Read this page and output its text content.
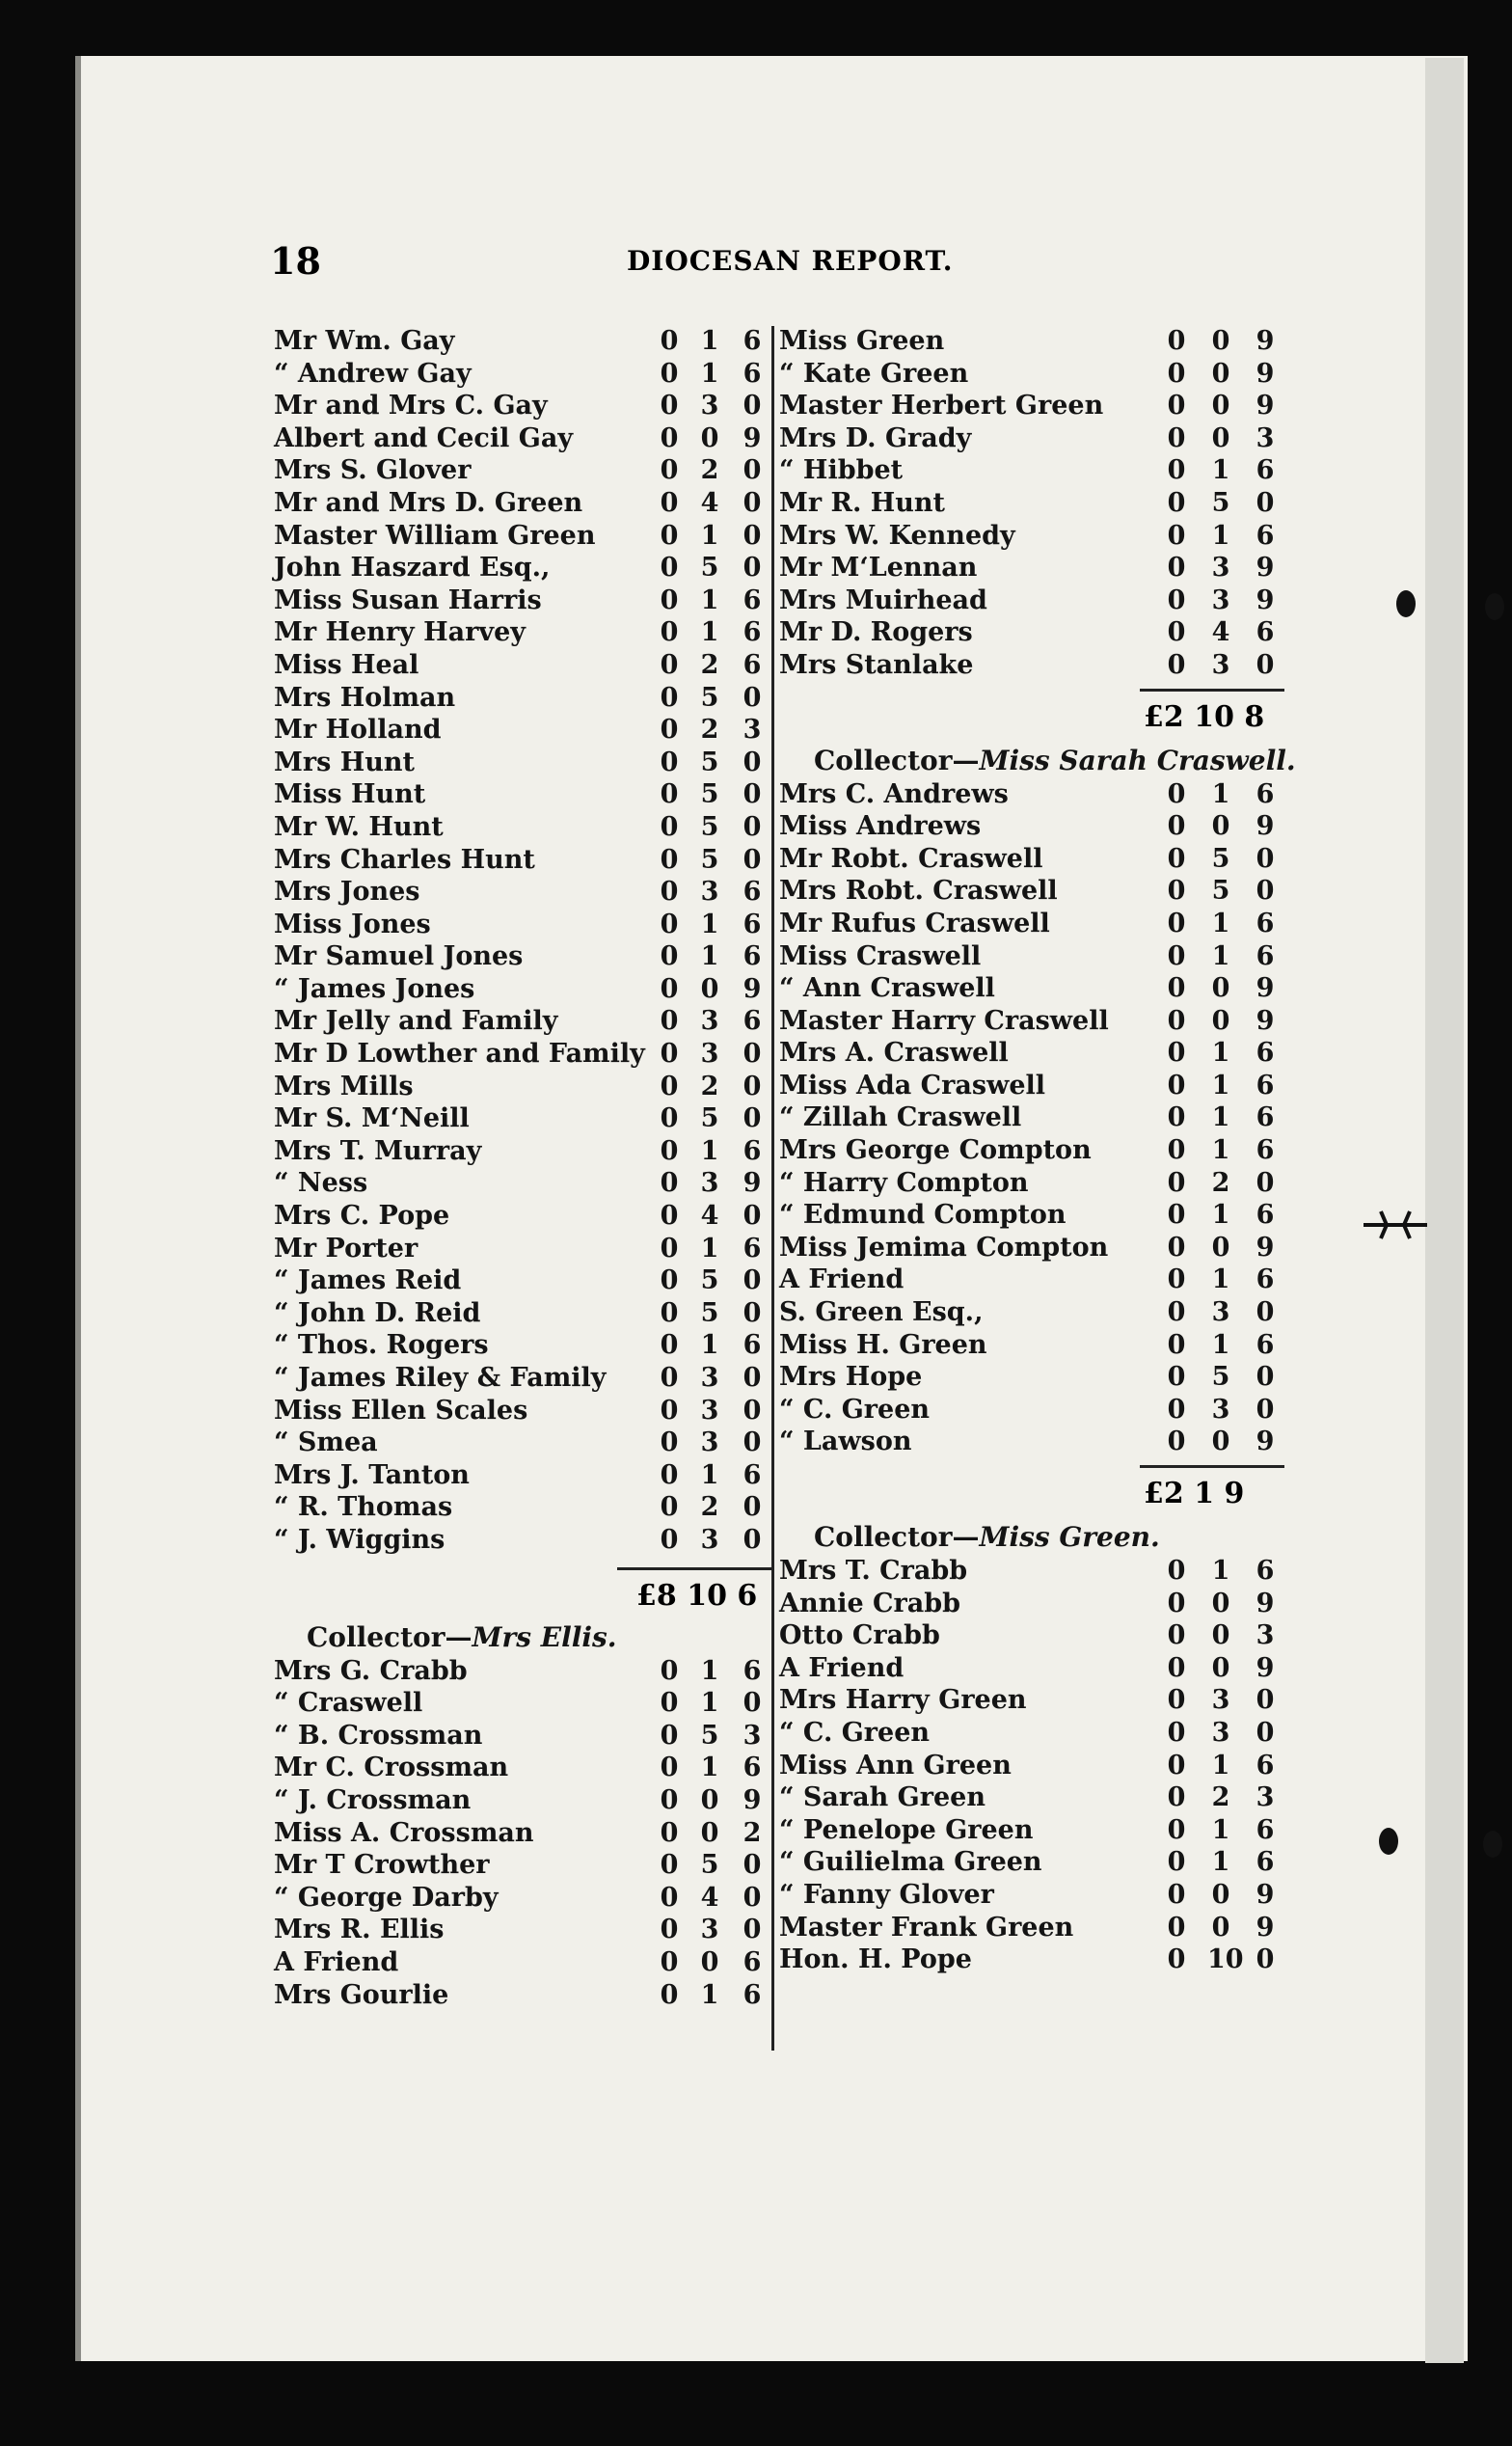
18	DIOCESAN REPORT.
Mr Wm. Gay	0 1 6
“ Andrew Gay	0 1 6
Mr and Mrs C. Gay	0 3 0
Albert and Cecil Gay	0 0 9
Mrs S. Glover	0 2 0
Mr and Mrs D. Green	0 4 0
Master William Green 0 1 0
John Haszard Esq.,	0 5 0
Miss Susan Harris	0 1 6
Mr Henry Harvey	0 1 6
Miss Heal	0 2 6
Mrs Holman	0 5 0
Mr Holland	0 2 3
Mrs Hunt	0 5 0
Miss Hunt	0 5 0
Mr W. Hunt	0 5 0
Mrs Charles Hunt	0 5 0
Mrs Jones	0 3 6
Miss Jones	0 1 6
Mr Samuel Jones	0 1 6
“ James Jones	0 0 9
Mr Jelly and Family	0 3 6
Mr D Lowther and Family 0 3 0
Mrs Mills	0 2 0
Mr S. M‘Neill	0 5 0
Mrs T. Murray	0 1 6
“ Ness	0 3 9
Mrs C. Pope	0 4 0
Mr Porter	0 1 6
“ James Reid	0 5 0
“ John D. Reid	0 5 0
“ Thos. Rogers	0 1 6
“ James Riley & Family 0 3 0
Miss Ellen Scales	0 3 0
“ Smea	0 3 0
Mrs J. Tanton	0 1 6
“ R. Thomas	0 2 0
“ J. Wiggins	0 3 0
£8 10 6
Collector—Mrs Ellis.
Mrs G. Crabb	0 1 6
“ Craswell	0 1 0
“ B. Crossman	0 5 3
Mr C. Crossman	0 1 6
“ J. Crossman	0 0 9
Miss A. Crossman	0 0 2
Mr T Crowther	0 5 0
“ George Darby	0 4 0
Mrs R. Ellis	0 3 0
A Friend	0 0 6
Mrs Gourlie	0 1 6
Miss Green	0 0 9
“ Kate Green	0 0 9
Master Herbert Green 0 0 9
Mrs D. Grady	0 0 3
“ Hibbet	0 1 6
Mr R. Hunt	0 5 0
Mrs W. Kennedy	0 1 6
Mr M‘Lennan	0 3 9
Mrs Muirhead	0 3 9
Mr D. Rogers	0 4 6
Mrs Stanlake	0 3 0
£2 10 8
Collector—Miss Sarah Craswell.
Mrs C. Andrews	0 1 6
Miss Andrews	0 0 9
Mr Robt. Craswell	0 5 0
Mrs Robt. Craswell	0 5 0
Mr Rufus Craswell	0 1 6
Miss Craswell	0 1 6
“ Ann Craswell	0 0 9
Master Harry Craswell 0 0 9
Mrs A. Craswell	0 1 6
Miss Ada Craswell	0 1 6
“ Zillah Craswell	0 1 6
Mrs George Compton	0 1 6
“ Harry Compton	0 2 0
“ Edmund Compton	0 1 6
Miss Jemima Compton 0 0 9
A Friend	0 1 6
S. Green Esq.,	0 3 0
Miss H. Green	0 1 6
Mrs Hope	0 5 0
“ C. Green	0 3 0
“ Lawson	0 0 9
£2 1 9
Collector—Miss Green.
Mrs T. Crabb	0 1 6
Annie Crabb	0 0 9
Otto Crabb	0 0 3
A Friend	0 0 9
Mrs Harry Green	0 3 0
“ C. Green	0 3 0
Miss Ann Green	0 1 6
“ Sarah Green	0 2 3
“ Penelope Green	0 1 6
“ Guilielma Green	0 1 6
“ Fanny Glover	0 0 9
Master Frank Green	0 0 9
Hon. H. Pope	0 10 0
